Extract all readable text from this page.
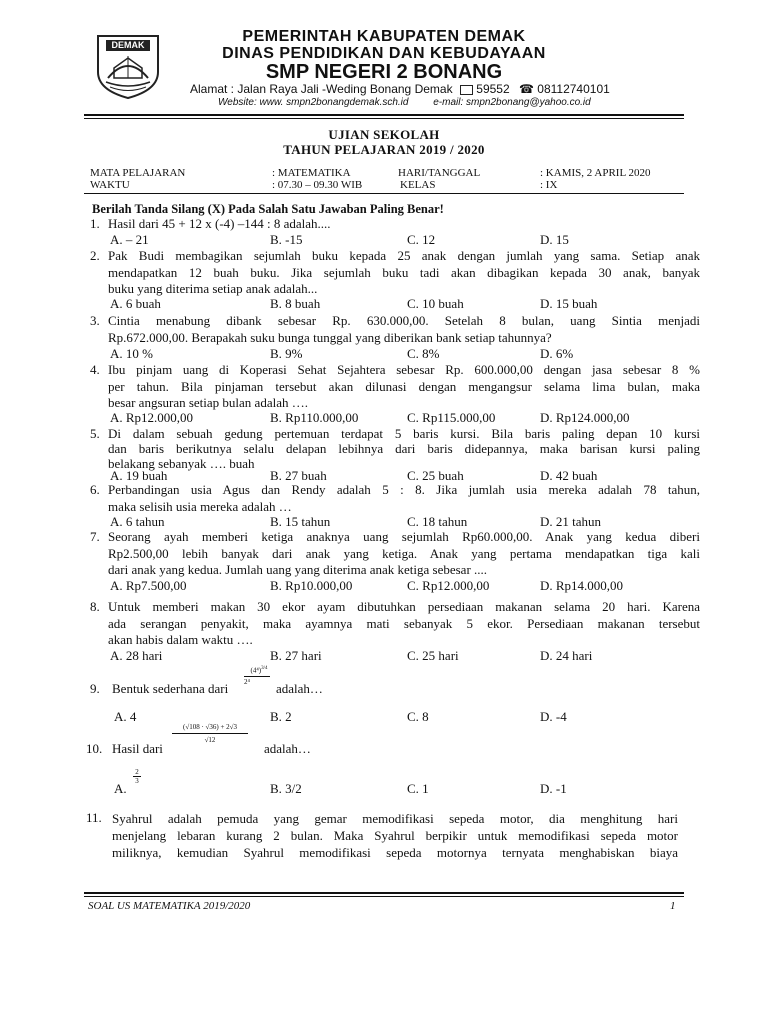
DEMAK	PEMERINTAH KABUPATEN DEMAK
DINAS PENDIDIKAN DAN KEBUDAYAAN
SMP NEGERI 2 BONANG
Alamat : Jalan Raya Jali -Weding Bonang Demak 59552 ☎ 08112740101
Website: www. smpn2bonangdemak.sch.id e-mail: smpn2bonang@yahoo.co.id
UJIAN SEKOLAH
TAHUN PELAJARAN 2019 / 2020
MATA PELAJARAN	: MATEMATIKA	HARI/TANGGAL	: KAMIS, 2 APRIL 2020
WAKTU	: 07.30 – 09.30 WIB	KELAS	: IX
Berilah Tanda Silang (X) Pada Salah Satu Jawaban Paling Benar!
1. Hasil dari 45 + 12 x (-4) –144 : 8 adalah....
A. – 21	B. -15	C. 12	D. 15
2. Pak Budi membagikan sejumlah buku kepada 25 anak dengan jumlah yang sama. Setiap anak
mendapatkan 12 buah buku. Jika sejumlah buku tadi akan dibagikan kepada 30 anak, banyak
buku yang diterima setiap anak adalah...
A. 6 buah	B. 8 buah	C. 10 buah	D. 15 buah
3. Cintia menabung dibank sebesar Rp. 630.000,00. Setelah 8 bulan, uang Sintia menjadi
Rp.672.000,00. Berapakah suku bunga tunggal yang diberikan bank setiap tahunnya?
A. 10 %	B. 9%	C. 8%	D. 6%
4. Ibu pinjam uang di Koperasi Sehat Sejahtera sebesar Rp. 600.000,00 dengan jasa sebesar 8 %
per tahun. Bila pinjaman tersebut akan dilunasi dengan mengangsur selama lima bulan, maka
besar angsuran setiap bulan adalah ….
A. Rp12.000,00	B. Rp110.000,00	C. Rp115.000,00	D. Rp124.000,00
5. Di dalam sebuah gedung pertemuan terdapat 5 baris kursi. Bila baris paling depan 10 kursi
dan baris berikutnya selalu delapan lebihnya dari baris didepannya, maka barisan kursi paling
belakang sebanyak …. buah
A. 19 buah	B. 27 buah	C. 25 buah	D. 42 buah
6. Perbandingan usia Agus dan Rendy adalah 5 : 8. Jika jumlah usia mereka adalah 78 tahun,
maka selisih usia mereka adalah …
A. 6 tahun	B. 15 tahun	C. 18 tahun	D. 21 tahun
7. Seorang ayah memberi ketiga anaknya uang sejumlah Rp60.000,00. Anak yang kedua diberi
Rp2.500,00 lebih banyak dari anak yang ketiga. Anak yang pertama mendapatkan tiga kali
dari anak yang kedua. Jumlah uang yang diterima anak ketiga sebesar ....
A. Rp7.500,00	B. Rp10.000,00	C. Rp12.000,00	D. Rp14.000,00
8. Untuk memberi makan 30 ekor ayam dibutuhkan persediaan makanan selama 20 hari. Karena
ada serangan penyakit, maka ayamnya mati sebanyak 5 ekor. Persediaan makanan tersebut
akan habis dalam waktu ….
A. 28 hari	B. 27 hari	C. 25 hari	D. 24 hari
9. Bentuk sederhana dari
$(4^4)^{3/4}$
2⁴	adalah…
A. 4	B. 2	C. 8	D. -4
10. Hasil dari
(√108 · √36) + 2√3
√12
adalah…
A.
2
3	B. 3/2	C. 1	D. -1
11. Syahrul adalah pemuda yang gemar memodifikasi sepeda motor, dia menghitung hari
menjelang lebaran kurang 2 bulan. Maka Syahrul berpikir untuk memodifikasi sepeda motor
miliknya, kemudian Syahrul memodifikasi sepeda motornya ternyata menghabiskan biaya
SOAL US MATEMATIKA 2019/2020	1
